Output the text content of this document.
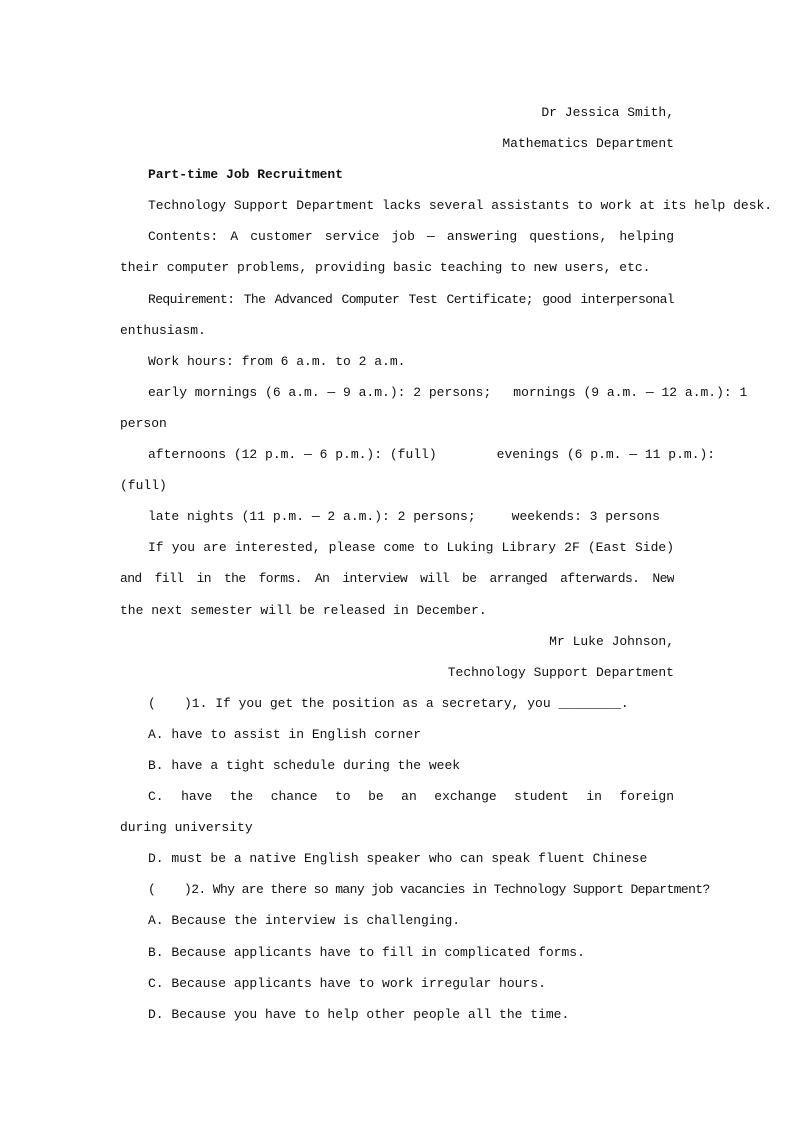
Dr Jessica Smith,
Mathematics Department
Part-time Job Recruitment
Technology Support Department lacks several assistants to work at its help desk.
Contents: A customer service job — answering questions, helping
their computer problems, providing basic teaching to new users, etc.
Requirement: The Advanced Computer Test Certificate; good interpersonal
enthusiasm.
Work hours: from 6 a.m. to 2 a.m.
early mornings (6 a.m. — 9 a.m.): 2 persons; mornings (9 a.m. — 12 a.m.): 1
person
afternoons (12 p.m. — 6 p.m.): (full)	evenings (6 p.m. — 11 p.m.):
(full)
late nights (11 p.m. — 2 a.m.): 2 persons;	weekends: 3 persons
If you are interested, please come to Luking Library 2F (East Side)
and fill in the forms. An interview will be arranged afterwards. New
the next semester will be released in December.
Mr Luke Johnson,
Technology Support Department
( )1. If you get the position as a secretary, you ________.
A. have to assist in English corner
B. have a tight schedule during the week
C. have the chance to be an exchange student in foreign
during university
D. must be a native English speaker who can speak fluent Chinese
( )2. Why are there so many job vacancies in Technology Support Department?
A. Because the interview is challenging.
B. Because applicants have to fill in complicated forms.
C. Because applicants have to work irregular hours.
D. Because you have to help other people all the time.
